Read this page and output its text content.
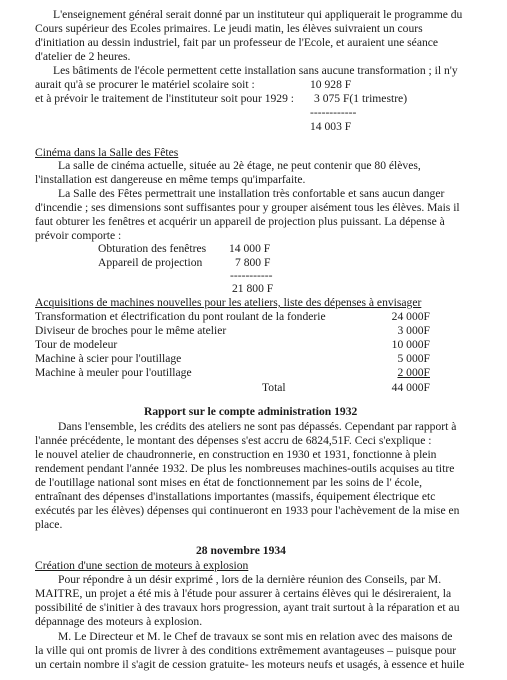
L'enseignement général serait donné par un instituteur qui appliquerait le programme du
Cours supérieur des Ecoles primaires. Le jeudi matin, les élèves suivraient un cours
d'initiation au dessin industriel, fait par un professeur de l'Ecole, et auraient une séance
d'atelier de 2 heures.
Les bâtiments de l'école permettent cette installation sans aucune transformation ; il n'y
aurait qu'à se procurer le matériel scolaire soit :	10 928 F
et à prévoir le traitement de l'instituteur soit pour 1929 : 3 075 F(1 trimestre)
------------
14 003 F
Cinéma dans la Salle des Fêtes
La salle de cinéma actuelle, située au 2è étage, ne peut contenir que 80 élèves,
l'installation est dangereuse en même temps qu'imparfaite.
La Salle des Fêtes permettrait une installation très confortable et sans aucun danger
d'incendie ; ses dimensions sont suffisantes pour y grouper aisément tous les élèves. Mais il
faut obturer les fenêtres et acquérir un appareil de projection plus puissant. La dépense à
prévoir comporte :
Obturation des fenêtres 14 000 F
Appareil de projection	7 800 F
-----------
21 800 F
Acquisitions de machines nouvelles pour les ateliers, liste des dépenses à envisager
Transformation et électrification du pont roulant de la fonderie	24 000F
Diviseur de broches pour le même atelier	3 000F
Tour de modeleur	10 000F
Machine à scier pour l'outillage	5 000F
Machine à meuler pour l'outillage	2 000F
Total	44 000F
Rapport sur le compte administration 1932
Dans l'ensemble, les crédits des ateliers ne sont pas dépassés. Cependant par rapport à
l'année précédente, le montant des dépenses s'est accru de 6824,51F. Ceci s'explique :
le nouvel atelier de chaudronnerie, en construction en 1930 et 1931, fonctionne à plein
rendement pendant l'année 1932. De plus les nombreuses machines-outils acquises au titre
de l'outillage national sont mises en état de fonctionnement par les soins de l' école,
entraînant des dépenses d'installations importantes (massifs, équipement électrique etc
exécutés par les élèves) dépenses qui continueront en 1933 pour l'achèvement de la mise en
place.
28 novembre 1934
Création d'une section de moteurs à explosion
Pour répondre à un désir exprimé , lors de la dernière réunion des Conseils, par M.
MAITRE, un projet a été mis à l'étude pour assurer à certains élèves qui le désireraient, la
possibilité de s'initier à des travaux hors progression, ayant trait surtout à la réparation et au
dépannage des moteurs à explosion.
M. Le Directeur et M. le Chef de travaux se sont mis en relation avec des maisons de
la ville qui ont promis de livrer à des conditions extrêmement avantageuses – puisque pour
un certain nombre il s'agit de cession gratuite- les moteurs neufs et usagés, à essence et huile
